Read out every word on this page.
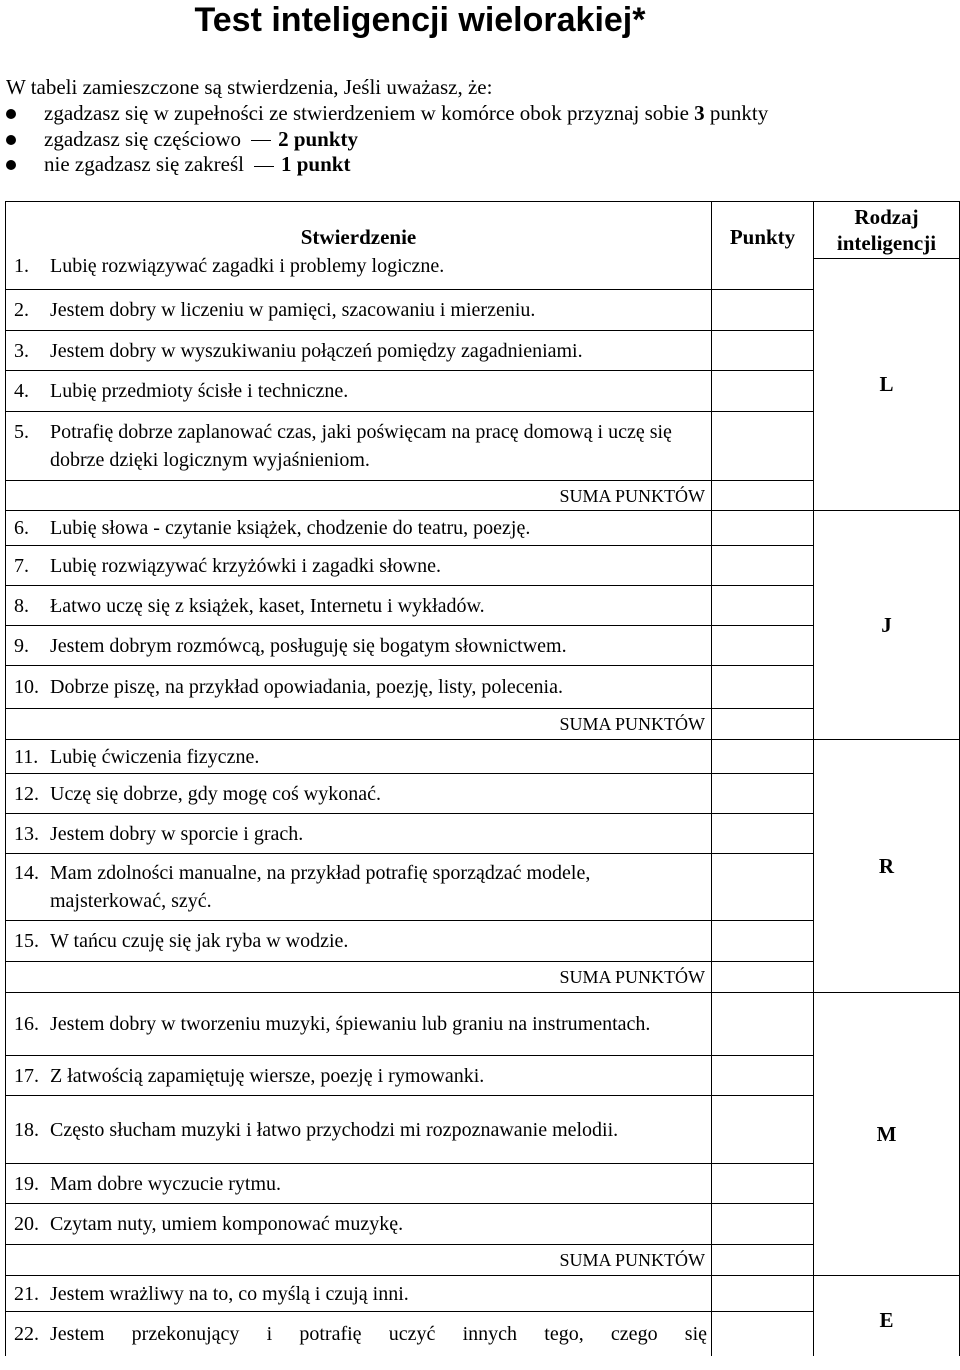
Test inteligencji wielorakiej*
W tabeli zamieszczone są stwierdzenia, Jeśli uważasz, że:
zgadzasz się w zupełności ze stwierdzeniem w komórce obok przyznaj sobie 3 punkty
zgadzasz się częściowo 2 punkty
nie zgadzasz się zakreśl 1 punkt
Stwierdzenie	Punkty	Rodzaj inteligencji

1. Lubię rozwiązywać zagadki i problemy logiczne.		L

2. Jestem dobry w liczeniu w pamięci, szacowaniu i mierzeniu.		

3. Jestem dobry w wyszukiwaniu połączeń pomiędzy zagadnieniami.		

4. Lubię przedmioty ścisłe i techniczne.		

5. Potrafię dobrze zaplanować czas, jaki poświęcam na pracę domową i uczę się dobrze dzięki logicznym wyjaśnieniom.		

SUMA PUNKTÓW		

6. Lubię słowa - czytanie książek, chodzenie do teatru, poezję.		J

7. Lubię rozwiązywać krzyżówki i zagadki słowne.		

8. Łatwo uczę się z książek, kaset, Internetu i wykładów.		

9. Jestem dobrym rozmówcą, posługuję się bogatym słownictwem.		

10. Dobrze piszę, na przykład opowiadania, poezję, listy, polecenia.		

SUMA PUNKTÓW		

11. Lubię ćwiczenia fizyczne.		R

12. Uczę się dobrze, gdy mogę coś wykonać.		

13. Jestem dobry w sporcie i grach.		

14. Mam zdolności manualne, na przykład potrafię sporządzać modele, majsterkować, szyć.		

15. W tańcu czuję się jak ryba w wodzie.		

SUMA PUNKTÓW		

16. Jestem dobry w tworzeniu muzyki, śpiewaniu lub graniu na instrumentach.		M

17. Z łatwością zapamiętuję wiersze, poezję i rymowanki.		

18. Często słucham muzyki i łatwo przychodzi mi rozpoznawanie melodii.		

19. Mam dobre wyczucie rytmu.		

20. Czytam nuty, umiem komponować muzykę.		

SUMA PUNKTÓW		

21. Jestem wrażliwy na to, co myślą i czują inni.		E

22. Jestem przekonujący i potrafię uczyć innych tego, czego się		
